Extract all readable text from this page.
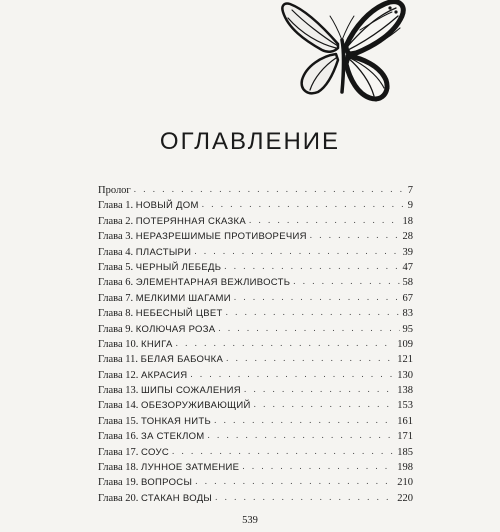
ОГЛАВЛЕНИЕ
Пролог . . .	7
Глава 1. НОВЫЙ ДОМ . . .	9
Глава 2. ПОТЕРЯННАЯ СКАЗКА . . .	18
Глава 3. НЕРАЗРЕШИМЫЕ ПРОТИВОРЕЧИЯ . . .	28
Глава 4. ПЛАСТЫРИ . . .	39
Глава 5. ЧЕРНЫЙ ЛЕБЕДЬ . . .	47
Глава 6. ЭЛЕМЕНТАРНАЯ ВЕЖЛИВОСТЬ . . .	58
Глава 7. МЕЛКИМИ ШАГАМИ . . .	67
Глава 8. НЕБЕСНЫЙ ЦВЕТ . . .	83
Глава 9. КОЛЮЧАЯ РОЗА . . .	95
Глава 10. КНИГА . . .	109
Глава 11. БЕЛАЯ БАБОЧКА . . .	121
Глава 12. АКРАСИЯ . . .	130
Глава 13. ШИПЫ СОЖАЛЕНИЯ . . .	138
Глава 14. ОБЕЗОРУЖИВАЮЩИЙ . . .	153
Глава 15. ТОНКАЯ НИТЬ . . .	161
Глава 16. ЗА СТЕКЛОМ . . .	171
Глава 17. СОУС . . .	185
Глава 18. ЛУННОЕ ЗАТМЕНИЕ . . .	198
Глава 19. ВОПРОСЫ . . .	210
Глава 20. СТАКАН ВОДЫ . . .	220
539
